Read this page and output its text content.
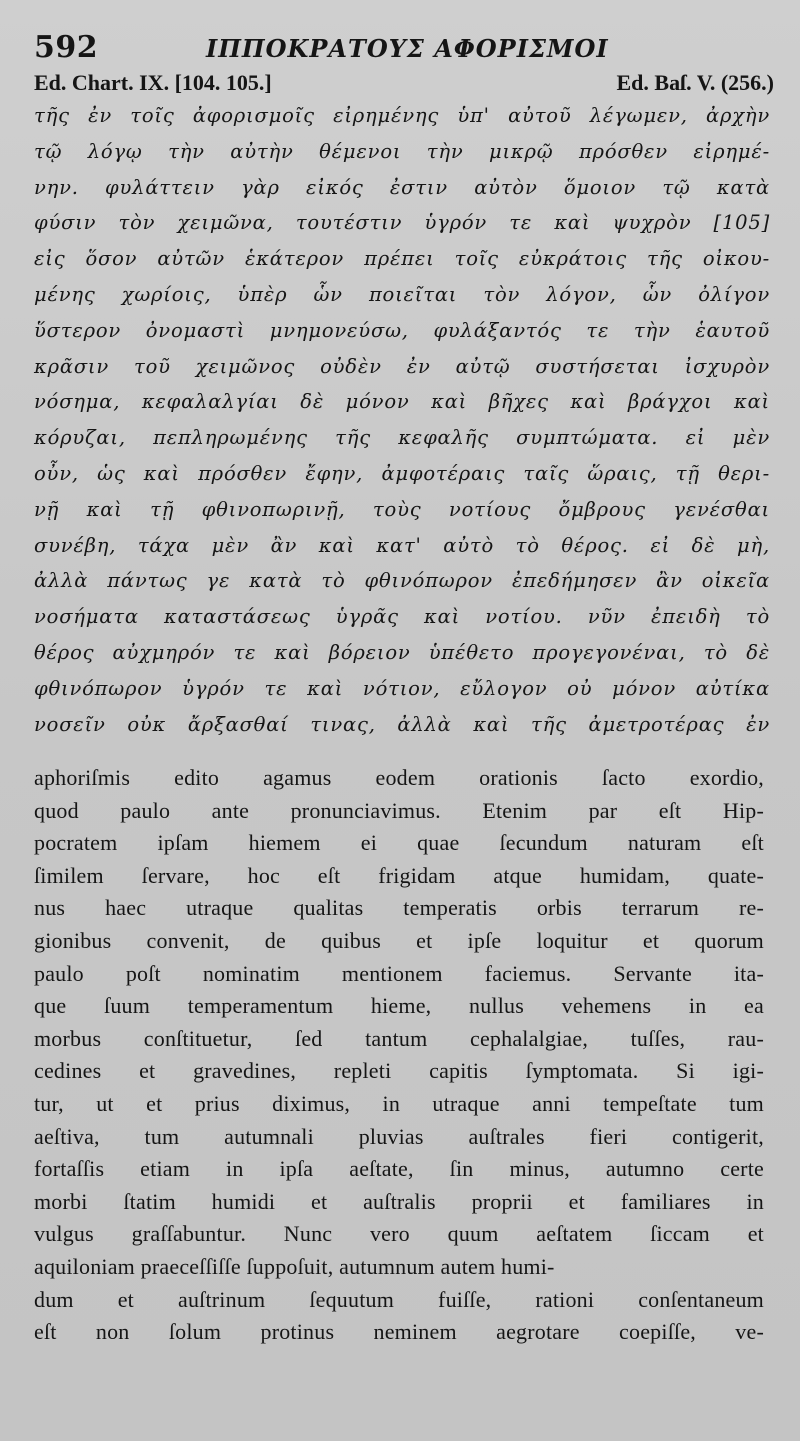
592	ΙΠΠΟΚΡΑΤΟΥΣ ΑΦΟΡΙΣΜΟΙ
Ed. Chart. IX. [104. 105.]	Ed. Baſ. V. (256.)
τῆς ἐν τοῖς ἀφορισμοῖς εἰρημένης ὑπ' αὐτοῦ λέγωμεν, ἀρχὴν
τῷ λόγῳ τὴν αὐτὴν θέμενοι τὴν μικρῷ πρόσθεν εἰρημέ-
νην. φυλάττειν γὰρ εἰκός ἐστιν αὐτὸν ὅμοιον τῷ κατὰ
φύσιν τὸν χειμῶνα, τουτέστιν ὑγρόν τε καὶ ψυχρὸν [105]
εἰς ὅσον αὐτῶν ἑκάτερον πρέπει τοῖς εὐκράτοις τῆς οἰκου-
μένης χωρίοις, ὑπὲρ ὧν ποιεῖται τὸν λόγον, ὧν ὀλίγον
ὕστερον ὀνομαστὶ μνημονεύσω, φυλάξαντός τε τὴν ἑαυτοῦ
κρᾶσιν τοῦ χειμῶνος οὐδὲν ἐν αὐτῷ συστήσεται ἰσχυρὸν
νόσημα, κεφαλαλγίαι δὲ μόνον καὶ βῆχες καὶ βράγχοι καὶ
κόρυζαι, πεπληρωμένης τῆς κεφαλῆς συμπτώματα. εἰ μὲν
οὖν, ὡς καὶ πρόσθεν ἔφην, ἀμφοτέραις ταῖς ὥραις, τῇ θερι-
νῇ καὶ τῇ φθινοπωρινῇ, τοὺς νοτίους ὄμβρους γενέσθαι
συνέβη, τάχα μὲν ἂν καὶ κατ' αὐτὸ τὸ θέρος. εἰ δὲ μὴ,
ἀλλὰ πάντως γε κατὰ τὸ φθινόπωρον ἐπεδήμησεν ἂν οἰκεῖα
νοσήματα καταστάσεως ὑγρᾶς καὶ νοτίου. νῦν ἐπειδὴ τὸ
θέρος αὐχμηρόν τε καὶ βόρειον ὑπέθετο προγεγονέναι, τὸ δὲ
φθινόπωρον ὑγρόν τε καὶ νότιον, εὔλογον οὐ μόνον αὐτίκα
νοσεῖν οὐκ ἄρξασθαί τινας, ἀλλὰ καὶ τῆς ἀμετροτέρας ἐν
aphoriſmis edito agamus eodem orationis ſacto exordio,
quod paulo ante pronunciavimus. Etenim par eſt Hip-
pocratem ipſam hiemem ei quae ſecundum naturam eſt
ſimilem ſervare, hoc eſt frigidam atque humidam, quate-
nus haec utraque qualitas temperatis orbis terrarum re-
gionibus convenit, de quibus et ipſe loquitur et quorum
paulo poſt nominatim mentionem faciemus. Servante ita-
que ſuum temperamentum hieme, nullus vehemens in ea
morbus conſtituetur, ſed tantum cephalalgiae, tuſſes, rau-
cedines et gravedines, repleti capitis ſymptomata. Si igi-
tur, ut et prius diximus, in utraque anni tempeſtate tum
aeſtiva, tum autumnali pluvias auſtrales fieri contigerit,
fortaſſis etiam in ipſa aeſtate, ſin minus, autumno certe
morbi ſtatim humidi et auſtralis proprii et familiares in
vulgus graſſabuntur. Nunc vero quum aeſtatem ſiccam et
aquiloniam praeceſſiſſe ſuppoſuit, autumnum autem humi-
dum et auſtrinum ſequutum fuiſſe, rationi conſentaneum
eſt non ſolum protinus neminem aegrotare coepiſſe, ve-
